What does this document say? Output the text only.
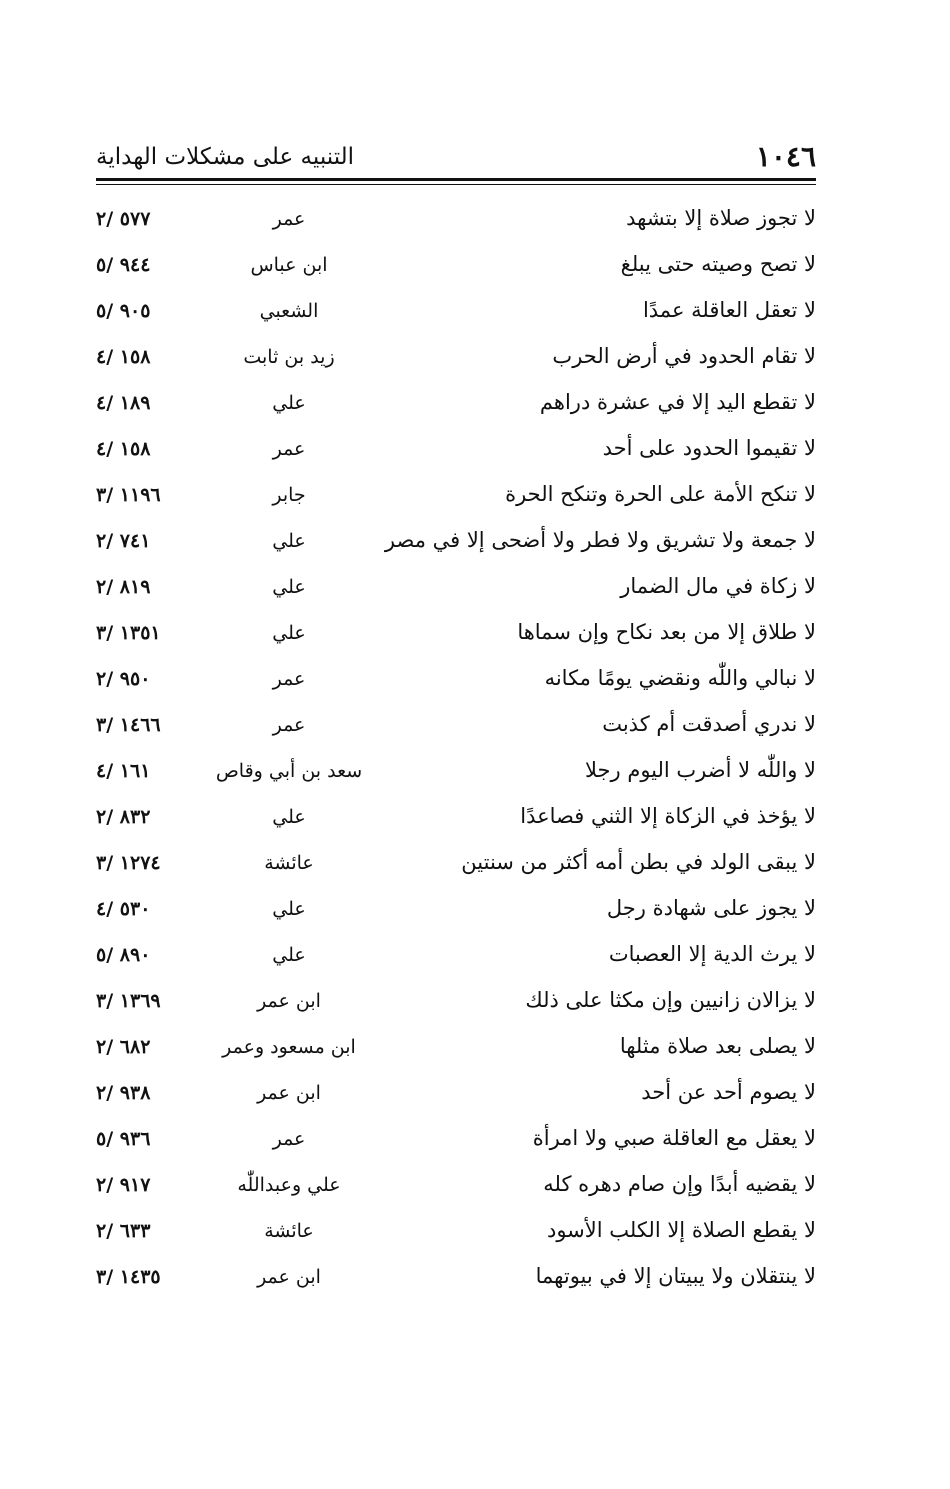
١٠٤٦
التنبيه على مشكلات الهداية
لا تجوز صلاة إلا بتشهد
عمر
٥٧٧ /٢
لا تصح وصيته حتى يبلغ
ابن عباس
٩٤٤ /٥
لا تعقل العاقلة عمدًا
الشعبي
٩٠٥ /٥
لا تقام الحدود في أرض الحرب
زيد بن ثابت
١٥٨ /٤
لا تقطع اليد إلا في عشرة دراهم
علي
١٨٩ /٤
لا تقيموا الحدود على أحد
عمر
١٥٨ /٤
لا تنكح الأمة على الحرة وتنكح الحرة
جابر
١١٩٦ /٣
لا جمعة ولا تشريق ولا فطر ولا أضحى إلا في مصر
علي
٧٤١ /٢
لا زكاة في مال الضمار
علي
٨١٩ /٢
لا طلاق إلا من بعد نكاح وإن سماها
علي
١٣٥١ /٣
لا نبالي واللّٰه ونقضي يومًا مكانه
عمر
٩٥٠ /٢
لا ندري أصدقت أم كذبت
عمر
١٤٦٦ /٣
لا واللّٰه لا أضرب اليوم رجلا
سعد بن أبي وقاص
١٦١ /٤
لا يؤخذ في الزكاة إلا الثني فصاعدًا
علي
٨٣٢ /٢
لا يبقى الولد في بطن أمه أكثر من سنتين
عائشة
١٢٧٤ /٣
لا يجوز على شهادة رجل
علي
٥٣٠ /٤
لا يرث الدية إلا العصبات
علي
٨٩٠ /٥
لا يزالان زانيين وإن مكثا على ذلك
ابن عمر
١٣٦٩ /٣
لا يصلى بعد صلاة مثلها
ابن مسعود وعمر
٦٨٢ /٢
لا يصوم أحد عن أحد
ابن عمر
٩٣٨ /٢
لا يعقل مع العاقلة صبي ولا امرأة
عمر
٩٣٦ /٥
لا يقضيه أبدًا وإن صام دهره كله
علي وعبداللّٰه
٩١٧ /٢
لا يقطع الصلاة إلا الكلب الأسود
عائشة
٦٣٣ /٢
لا ينتقلان ولا يبيتان إلا في بيوتهما
ابن عمر
١٤٣٥ /٣
